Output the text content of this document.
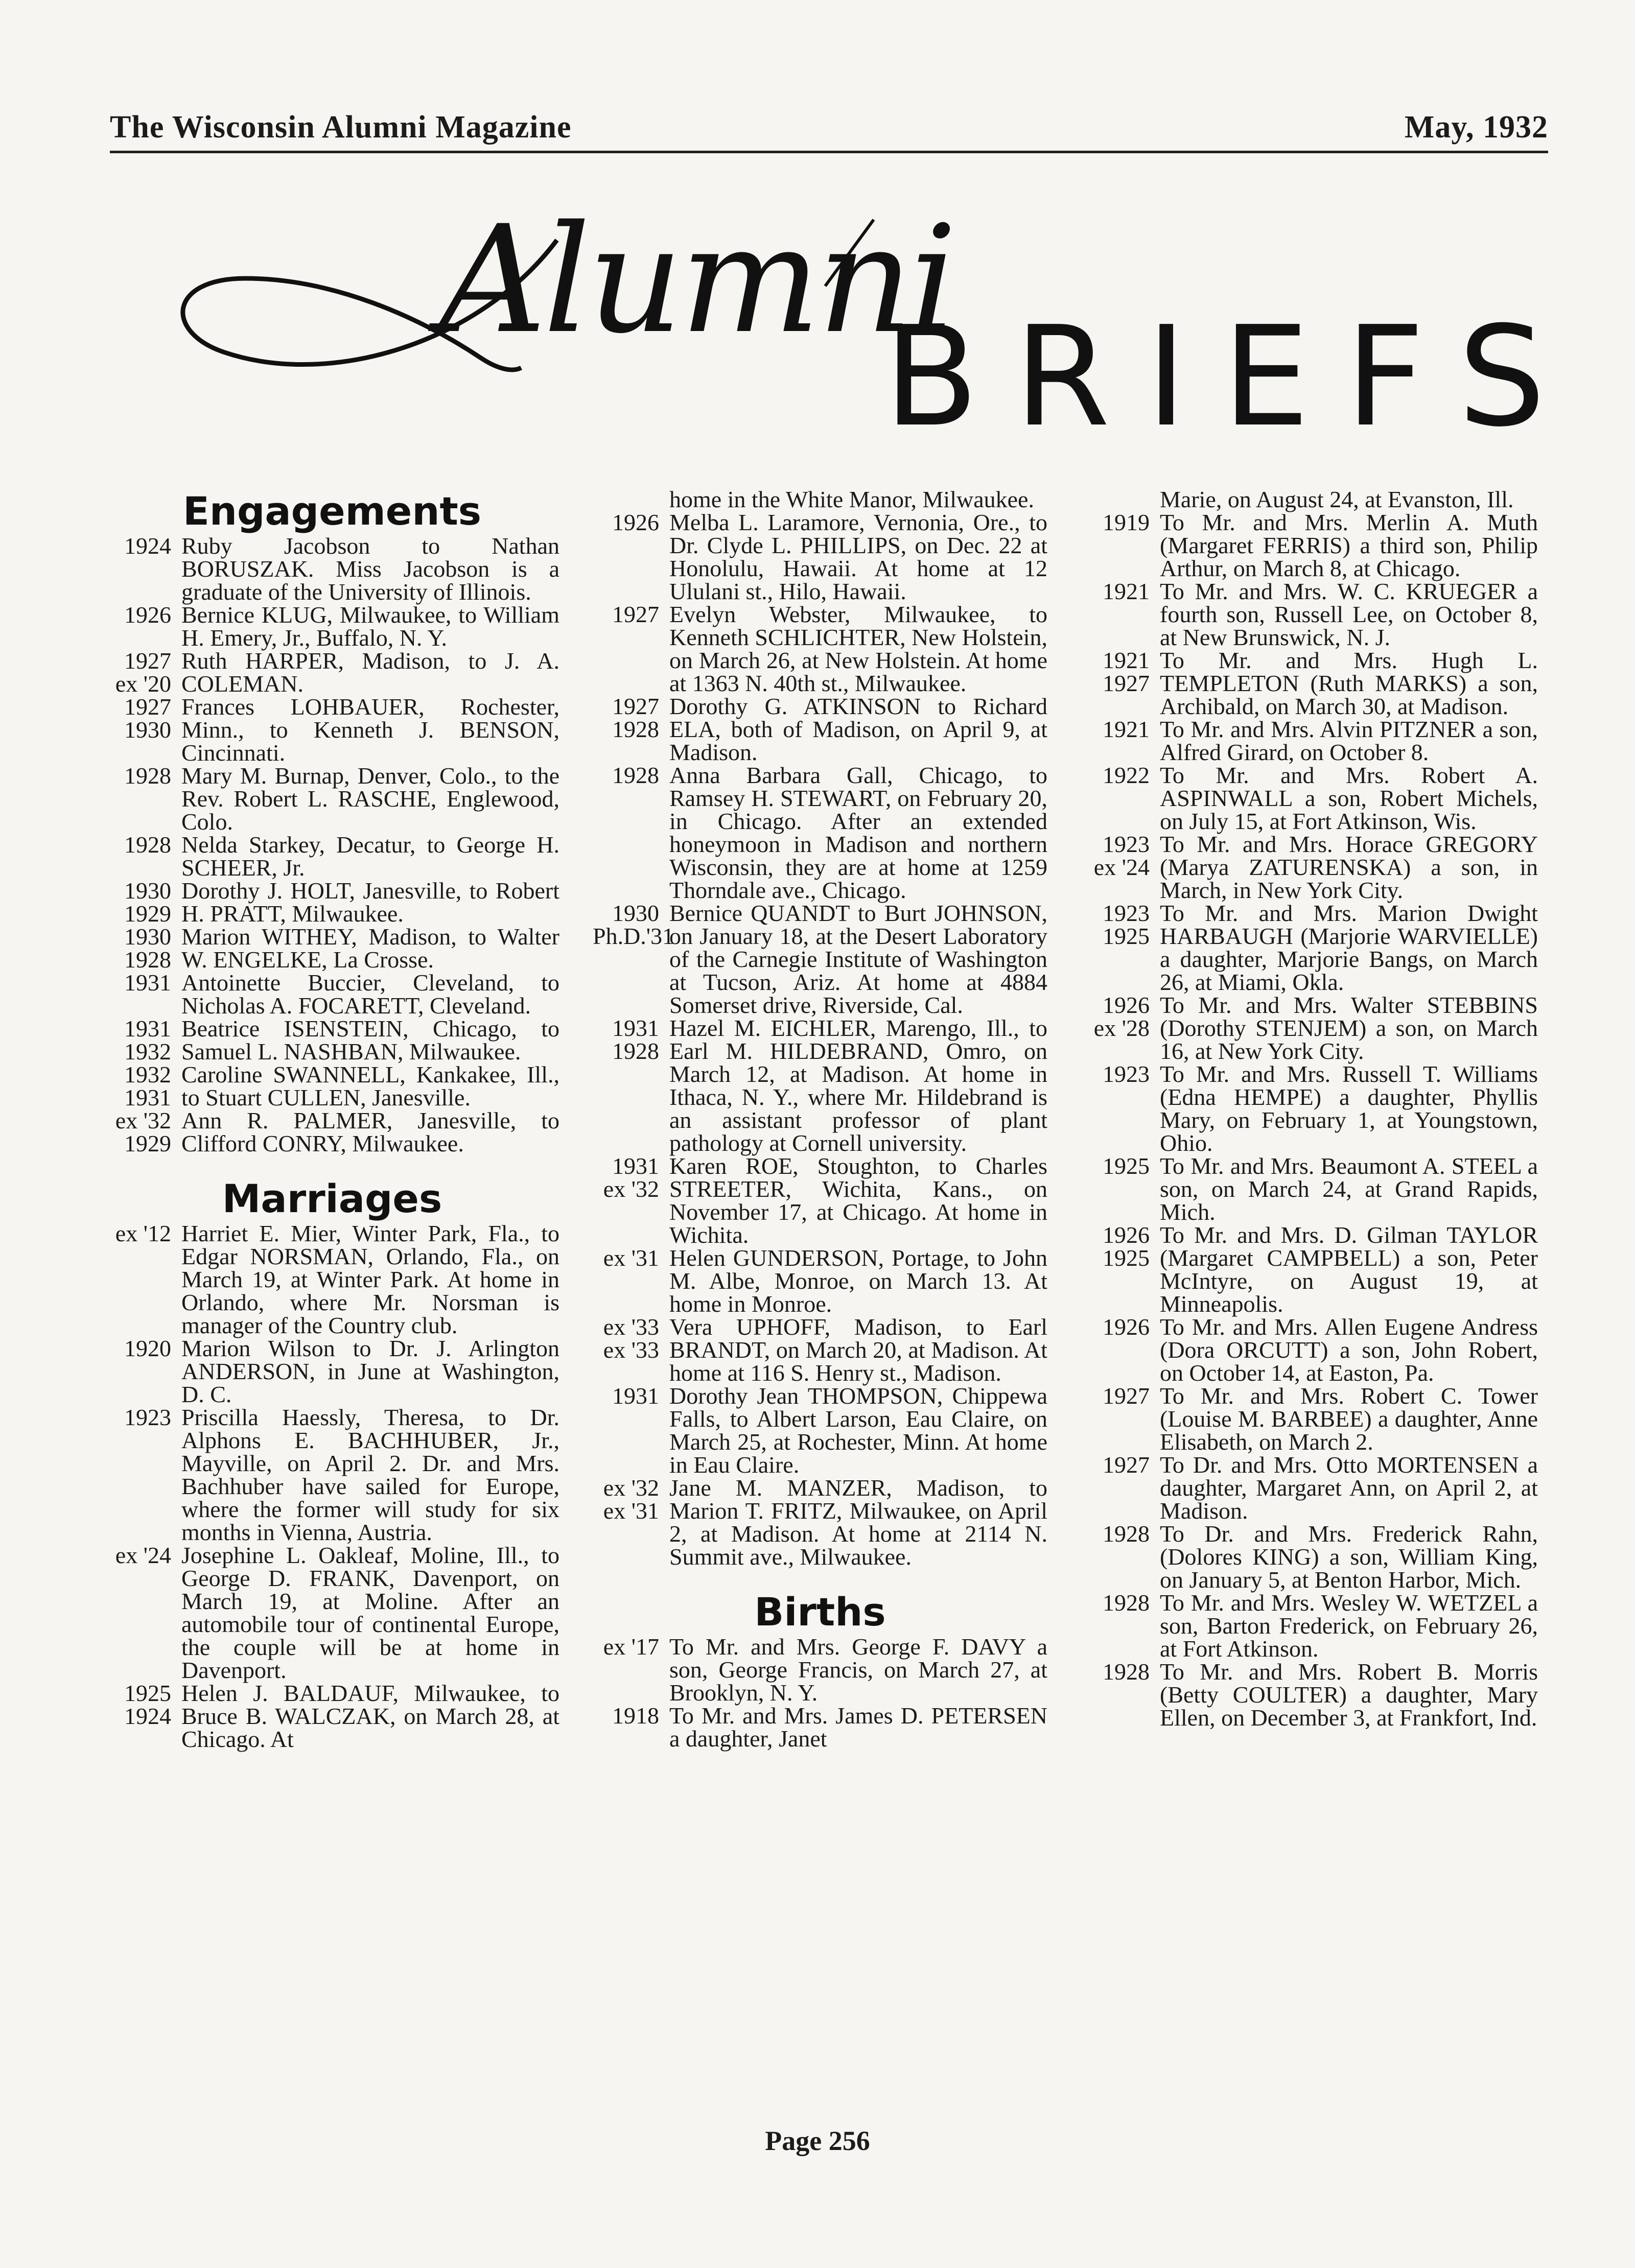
The Wisconsin Alumni Magazine	May, 1932
Alumni
BRIEFS
Engagements
1924 Ruby Jacobson to Nathan BORUSZAK. Miss Jacobson is a graduate of the University of Illinois.
1926 Bernice KLUG, Milwaukee, to William H. Emery, Jr., Buffalo, N. Y.
1927
ex '20
Ruth HARPER, Madison, to J. A. COLEMAN.
1927
1930
Frances LOHBAUER, Rochester, Minn., to Kenneth J. BENSON, Cincinnati.
1928 Mary M. Burnap, Denver, Colo., to the Rev. Robert L. RASCHE, Englewood, Colo.
1928 Nelda Starkey, Decatur, to George H. SCHEER, Jr.
1930
1929
Dorothy J. HOLT, Janesville, to Robert H. PRATT, Milwaukee.
1930
1928
Marion WITHEY, Madison, to Walter W. ENGELKE, La Crosse.
1931 Antoinette Buccier, Cleveland, to Nicholas A. FOCARETT, Cleveland.
1931
1932
Beatrice ISENSTEIN, Chicago, to Samuel L. NASHBAN, Milwaukee.
1932
1931
Caroline SWANNELL, Kankakee, Ill., to Stuart CULLEN, Janesville.
ex '32
1929
Ann R. PALMER, Janesville, to Clifford CONRY, Milwaukee.
Marriages
ex '12 Harriet E. Mier, Winter Park, Fla., to Edgar NORSMAN, Orlando, Fla., on March 19, at Winter Park. At home in Orlando, where Mr. Norsman is manager of the Country club.
1920 Marion Wilson to Dr. J. Arlington ANDERSON, in June at Washington, D. C.
1923 Priscilla Haessly, Theresa, to Dr. Alphons E. BACHHUBER, Jr., Mayville, on April 2. Dr. and Mrs. Bachhuber have sailed for Europe, where the former will study for six months in Vienna, Austria.
ex '24 Josephine L. Oakleaf, Moline, Ill., to George D. FRANK, Davenport, on March 19, at Moline. After an automobile tour of continental Europe, the couple will be at home in Davenport.
1925
1924
Helen J. BALDAUF, Milwaukee, to Bruce B. WALCZAK, on March 28, at Chicago. At
home in the White Manor, Milwaukee.
1926 Melba L. Laramore, Vernonia, Ore., to Dr. Clyde L. PHILLIPS, on Dec. 22 at Honolulu, Hawaii. At home at 12 Ululani st., Hilo, Hawaii.
1927 Evelyn Webster, Milwaukee, to Kenneth SCHLICHTER, New Holstein, on March 26, at New Holstein. At home at 1363 N. 40th st., Milwaukee.
1927
1928
Dorothy G. ATKINSON to Richard ELA, both of Madison, on April 9, at Madison.
1928 Anna Barbara Gall, Chicago, to Ramsey H. STEWART, on February 20, in Chicago. After an extended honeymoon in Madison and northern Wisconsin, they are at home at 1259 Thorndale ave., Chicago.
1930
Ph.D.'31
Bernice QUANDT to Burt JOHNSON, on January 18, at the Desert Laboratory of the Carnegie Institute of Washington at Tucson, Ariz. At home at 4884 Somerset drive, Riverside, Cal.
1931
1928
Hazel M. EICHLER, Marengo, Ill., to Earl M. HILDEBRAND, Omro, on March 12, at Madison. At home in Ithaca, N. Y., where Mr. Hildebrand is an assistant professor of plant pathology at Cornell university.
1931
ex '32
Karen ROE, Stoughton, to Charles STREETER, Wichita, Kans., on November 17, at Chicago. At home in Wichita.
ex '31 Helen GUNDERSON, Portage, to John M. Albe, Monroe, on March 13. At home in Monroe.
ex '33
ex '33
Vera UPHOFF, Madison, to Earl BRANDT, on March 20, at Madison. At home at 116 S. Henry st., Madison.
1931 Dorothy Jean THOMPSON, Chippewa Falls, to Albert Larson, Eau Claire, on March 25, at Rochester, Minn. At home in Eau Claire.
ex '32
ex '31
Jane M. MANZER, Madison, to Marion T. FRITZ, Milwaukee, on April 2, at Madison. At home at 2114 N. Summit ave., Milwaukee.
Births
ex '17 To Mr. and Mrs. George F. DAVY a son, George Francis, on March 27, at Brooklyn, N. Y.
1918 To Mr. and Mrs. James D. PETERSEN a daughter, Janet
Marie, on August 24, at Evanston, Ill.
1919 To Mr. and Mrs. Merlin A. Muth (Margaret FERRIS) a third son, Philip Arthur, on March 8, at Chicago.
1921 To Mr. and Mrs. W. C. KRUEGER a fourth son, Russell Lee, on October 8, at New Brunswick, N. J.
1921
1927
To Mr. and Mrs. Hugh L. TEMPLETON (Ruth MARKS) a son, Archibald, on March 30, at Madison.
1921 To Mr. and Mrs. Alvin PITZNER a son, Alfred Girard, on October 8.
1922 To Mr. and Mrs. Robert A. ASPINWALL a son, Robert Michels, on July 15, at Fort Atkinson, Wis.
1923
ex '24
To Mr. and Mrs. Horace GREGORY (Marya ZATURENSKA) a son, in March, in New York City.
1923
1925
To Mr. and Mrs. Marion Dwight HARBAUGH (Marjorie WARVIELLE) a daughter, Marjorie Bangs, on March 26, at Miami, Okla.
1926
ex '28
To Mr. and Mrs. Walter STEBBINS (Dorothy STENJEM) a son, on March 16, at New York City.
1923 To Mr. and Mrs. Russell T. Williams (Edna HEMPE) a daughter, Phyllis Mary, on February 1, at Youngstown, Ohio.
1925 To Mr. and Mrs. Beaumont A. STEEL a son, on March 24, at Grand Rapids, Mich.
1926
1925
To Mr. and Mrs. D. Gilman TAYLOR (Margaret CAMPBELL) a son, Peter McIntyre, on August 19, at Minneapolis.
1926 To Mr. and Mrs. Allen Eugene Andress (Dora ORCUTT) a son, John Robert, on October 14, at Easton, Pa.
1927 To Mr. and Mrs. Robert C. Tower (Louise M. BARBEE) a daughter, Anne Elisabeth, on March 2.
1927 To Dr. and Mrs. Otto MORTENSEN a daughter, Margaret Ann, on April 2, at Madison.
1928 To Dr. and Mrs. Frederick Rahn, (Dolores KING) a son, William King, on January 5, at Benton Harbor, Mich.
1928 To Mr. and Mrs. Wesley W. WETZEL a son, Barton Frederick, on February 26, at Fort Atkinson.
1928 To Mr. and Mrs. Robert B. Morris (Betty COULTER) a daughter, Mary Ellen, on December 3, at Frankfort, Ind.
Page 256
